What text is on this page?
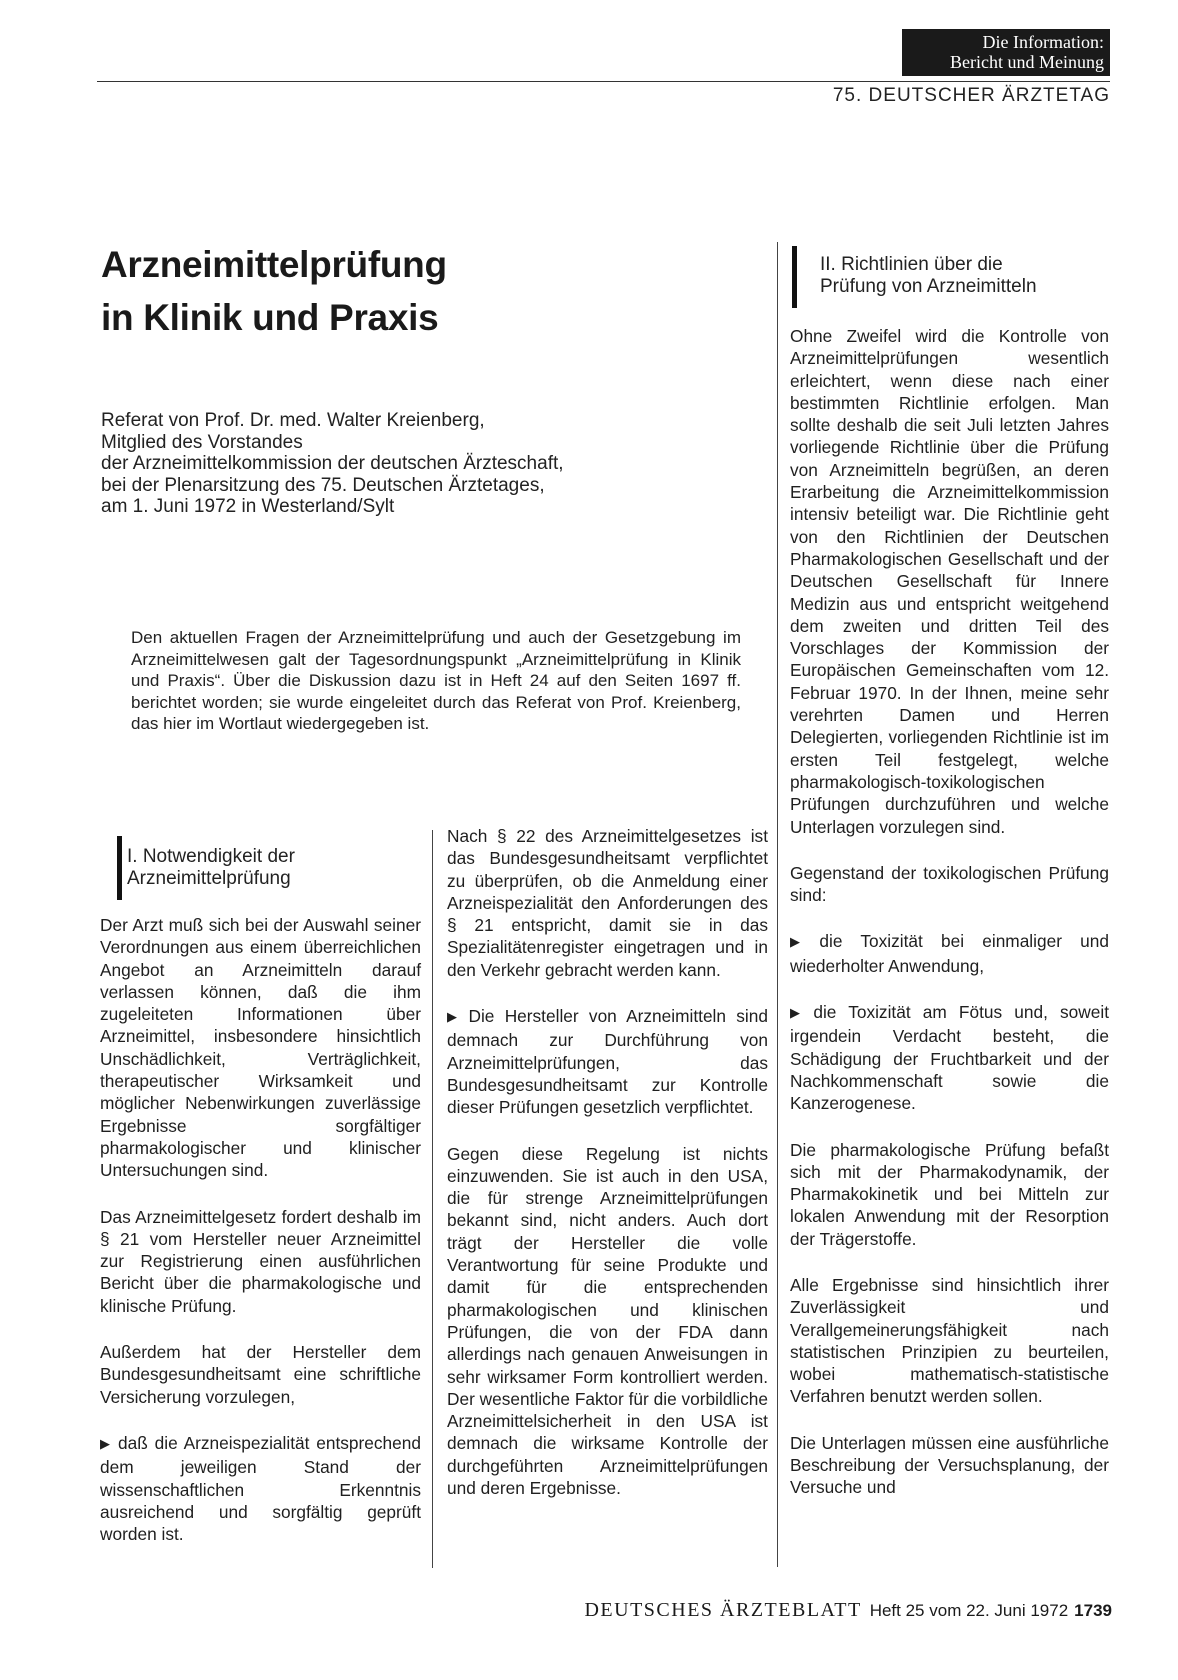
Die Information:
Bericht und Meinung
75. DEUTSCHER ÄRZTETAG
Arzneimittelprüfung
in Klinik und Praxis
Referat von Prof. Dr. med. Walter Kreienberg,
Mitglied des Vorstandes
der Arzneimittelkommission der deutschen Ärzteschaft,
bei der Plenarsitzung des 75. Deutschen Ärztetages,
am 1. Juni 1972 in Westerland/Sylt
Den aktuellen Fragen der Arzneimittelprüfung und auch der Gesetzgebung im Arzneimittelwesen galt der Tagesordnungspunkt „Arzneimittelprüfung in Klinik und Praxis“. Über die Diskussion dazu ist in Heft 24 auf den Seiten 1697 ff. berichtet worden; sie wurde eingeleitet durch das Referat von Prof. Kreienberg, das hier im Wortlaut wiedergegeben ist.
I. Notwendigkeit der
Arzneimittelprüfung

Der Arzt muß sich bei der Auswahl seiner Verordnungen aus einem überreichlichen Angebot an Arzneimitteln darauf verlassen können, daß die ihm zugeleiteten Informationen über Arzneimittel, insbesondere hinsichtlich Unschädlichkeit, Verträglichkeit, therapeutischer Wirksamkeit und möglicher Nebenwirkungen zuverlässige Ergebnisse sorgfältiger pharmakologischer und klinischer Untersuchungen sind.

Das Arzneimittelgesetz fordert deshalb im § 21 vom Hersteller neuer Arzneimittel zur Registrierung einen ausführlichen Bericht über die pharmakologische und klinische Prüfung.

Außerdem hat der Hersteller dem Bundesgesundheitsamt eine schriftliche Versicherung vorzulegen,

▶ daß die Arzneispezialität entsprechend dem jeweiligen Stand der wissenschaftlichen Erkenntnis ausreichend und sorgfältig geprüft worden ist.

Nach § 22 des Arzneimittelgesetzes ist das Bundesgesundheitsamt verpflichtet zu überprüfen, ob die Anmeldung einer Arzneispezialität den Anforderungen des § 21 entspricht, damit sie in das Spezialitätenregister eingetragen und in den Verkehr gebracht werden kann.

▶ Die Hersteller von Arzneimitteln sind demnach zur Durchführung von Arzneimittelprüfungen, das Bundesgesundheitsamt zur Kontrolle dieser Prüfungen gesetzlich verpflichtet.

Gegen diese Regelung ist nichts einzuwenden. Sie ist auch in den USA, die für strenge Arzneimittelprüfungen bekannt sind, nicht anders. Auch dort trägt der Hersteller die volle Verantwortung für seine Produkte und damit für die entsprechenden pharmakologischen und klinischen Prüfungen, die von der FDA dann allerdings nach genauen Anweisungen in sehr wirksamer Form kontrolliert werden. Der wesentliche Faktor für die vorbildliche Arzneimittelsicherheit in den USA ist demnach die wirksame Kontrolle der durchgeführten Arzneimittelprüfungen und deren Ergebnisse.

II. Richtlinien über die
Prüfung von Arzneimitteln

Ohne Zweifel wird die Kontrolle von Arzneimittelprüfungen wesentlich erleichtert, wenn diese nach einer bestimmten Richtlinie erfolgen. Man sollte deshalb die seit Juli letzten Jahres vorliegende Richtlinie über die Prüfung von Arzneimitteln begrüßen, an deren Erarbeitung die Arzneimittelkommission intensiv beteiligt war. Die Richtlinie geht von den Richtlinien der Deutschen Pharmakologischen Gesellschaft und der Deutschen Gesellschaft für Innere Medizin aus und entspricht weitgehend dem zweiten und dritten Teil des Vorschlages der Kommission der Europäischen Gemeinschaften vom 12. Februar 1970. In der Ihnen, meine sehr verehrten Damen und Herren Delegierten, vorliegenden Richtlinie ist im ersten Teil festgelegt, welche pharmakologisch-toxikologischen Prüfungen durchzuführen und welche Unterlagen vorzulegen sind.

Gegenstand der toxikologischen Prüfung sind:

▶ die Toxizität bei einmaliger und wiederholter Anwendung,

▶ die Toxizität am Fötus und, soweit irgendein Verdacht besteht, die Schädigung der Fruchtbarkeit und der Nachkommenschaft sowie die Kanzerogenese.

Die pharmakologische Prüfung befaßt sich mit der Pharmakodynamik, der Pharmakokinetik und bei Mitteln zur lokalen Anwendung mit der Resorption der Trägerstoffe.

Alle Ergebnisse sind hinsichtlich ihrer Zuverlässigkeit und Verallgemeinerungsfähigkeit nach statistischen Prinzipien zu beurteilen, wobei mathematisch-statistische Verfahren benutzt werden sollen.

Die Unterlagen müssen eine ausführliche Beschreibung der Versuchsplanung, der Versuche und

DEUTSCHES ÄRZTEBLATT Heft 25 vom 22. Juni 1972 1739
